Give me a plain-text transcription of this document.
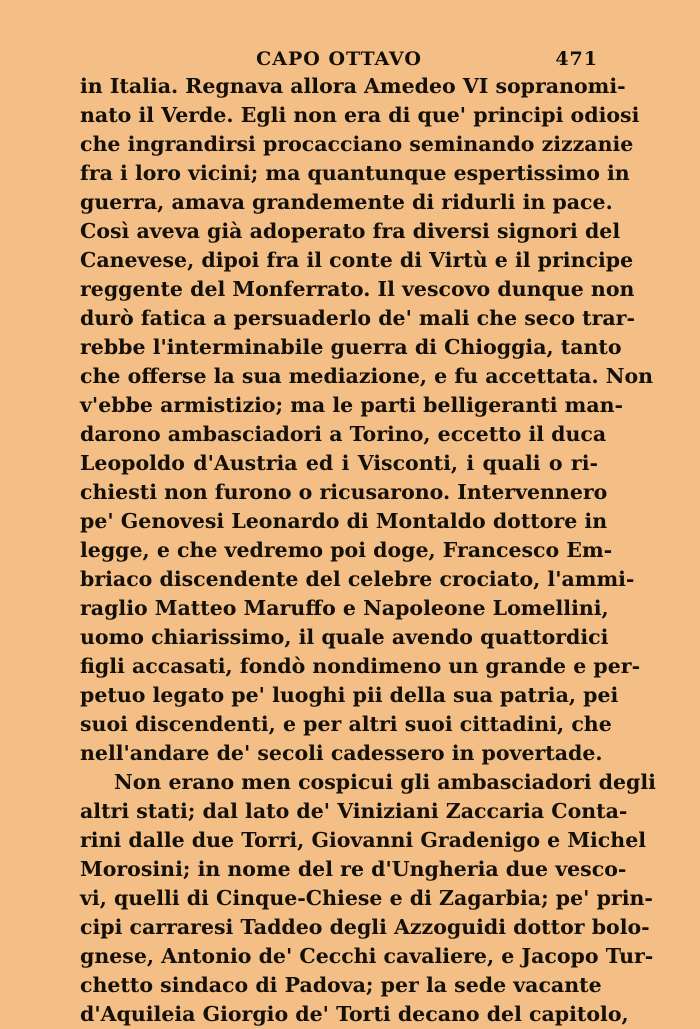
CAPO OTTAVO	471
in Italia. Regnava allora Amedeo VI sopranomi-
nato il Verde. Egli non era di que' principi odiosi
che ingrandirsi procacciano seminando zizzanie
fra i loro vicini; ma quantunque espertissimo in
guerra, amava grandemente di ridurli in pace.
Così aveva già adoperato fra diversi signori del
Canevese, dipoi fra il conte di Virtù e il principe
reggente del Monferrato. Il vescovo dunque non
durò fatica a persuaderlo de' mali che seco trar-
rebbe l'interminabile guerra di Chioggia, tanto
che offerse la sua mediazione, e fu accettata. Non
v'ebbe armistizio; ma le parti belligeranti man-
darono ambasciadori a Torino, eccetto il duca
Leopoldo d'Austria ed i Visconti, i quali o ri-
chiesti non furono o ricusarono. Intervennero
pe' Genovesi Leonardo di Montaldo dottore in
legge, e che vedremo poi doge, Francesco Em-
briaco discendente del celebre crociato, l'ammi-
raglio Matteo Maruffo e Napoleone Lomellini,
uomo chiarissimo, il quale avendo quattordici
figli accasati, fondò nondimeno un grande e per-
petuo legato pe' luoghi pii della sua patria, pei
suoi discendenti, e per altri suoi cittadini, che
nell'andare de' secoli cadessero in povertade.
Non erano men cospicui gli ambasciadori degli
altri stati; dal lato de' Viniziani Zaccaria Conta-
rini dalle due Torri, Giovanni Gradenigo e Michel
Morosini; in nome del re d'Ungheria due vesco-
vi, quelli di Cinque-Chiese e di Zagarbia; pe' prin-
cipi carraresi Taddeo degli Azzoguidi dottor bolo-
gnese, Antonio de' Cecchi cavaliere, e Jacopo Tur-
chetto sindaco di Padova; per la sede vacante
d'Aquileia Giorgio de' Torti decano del capitolo,
